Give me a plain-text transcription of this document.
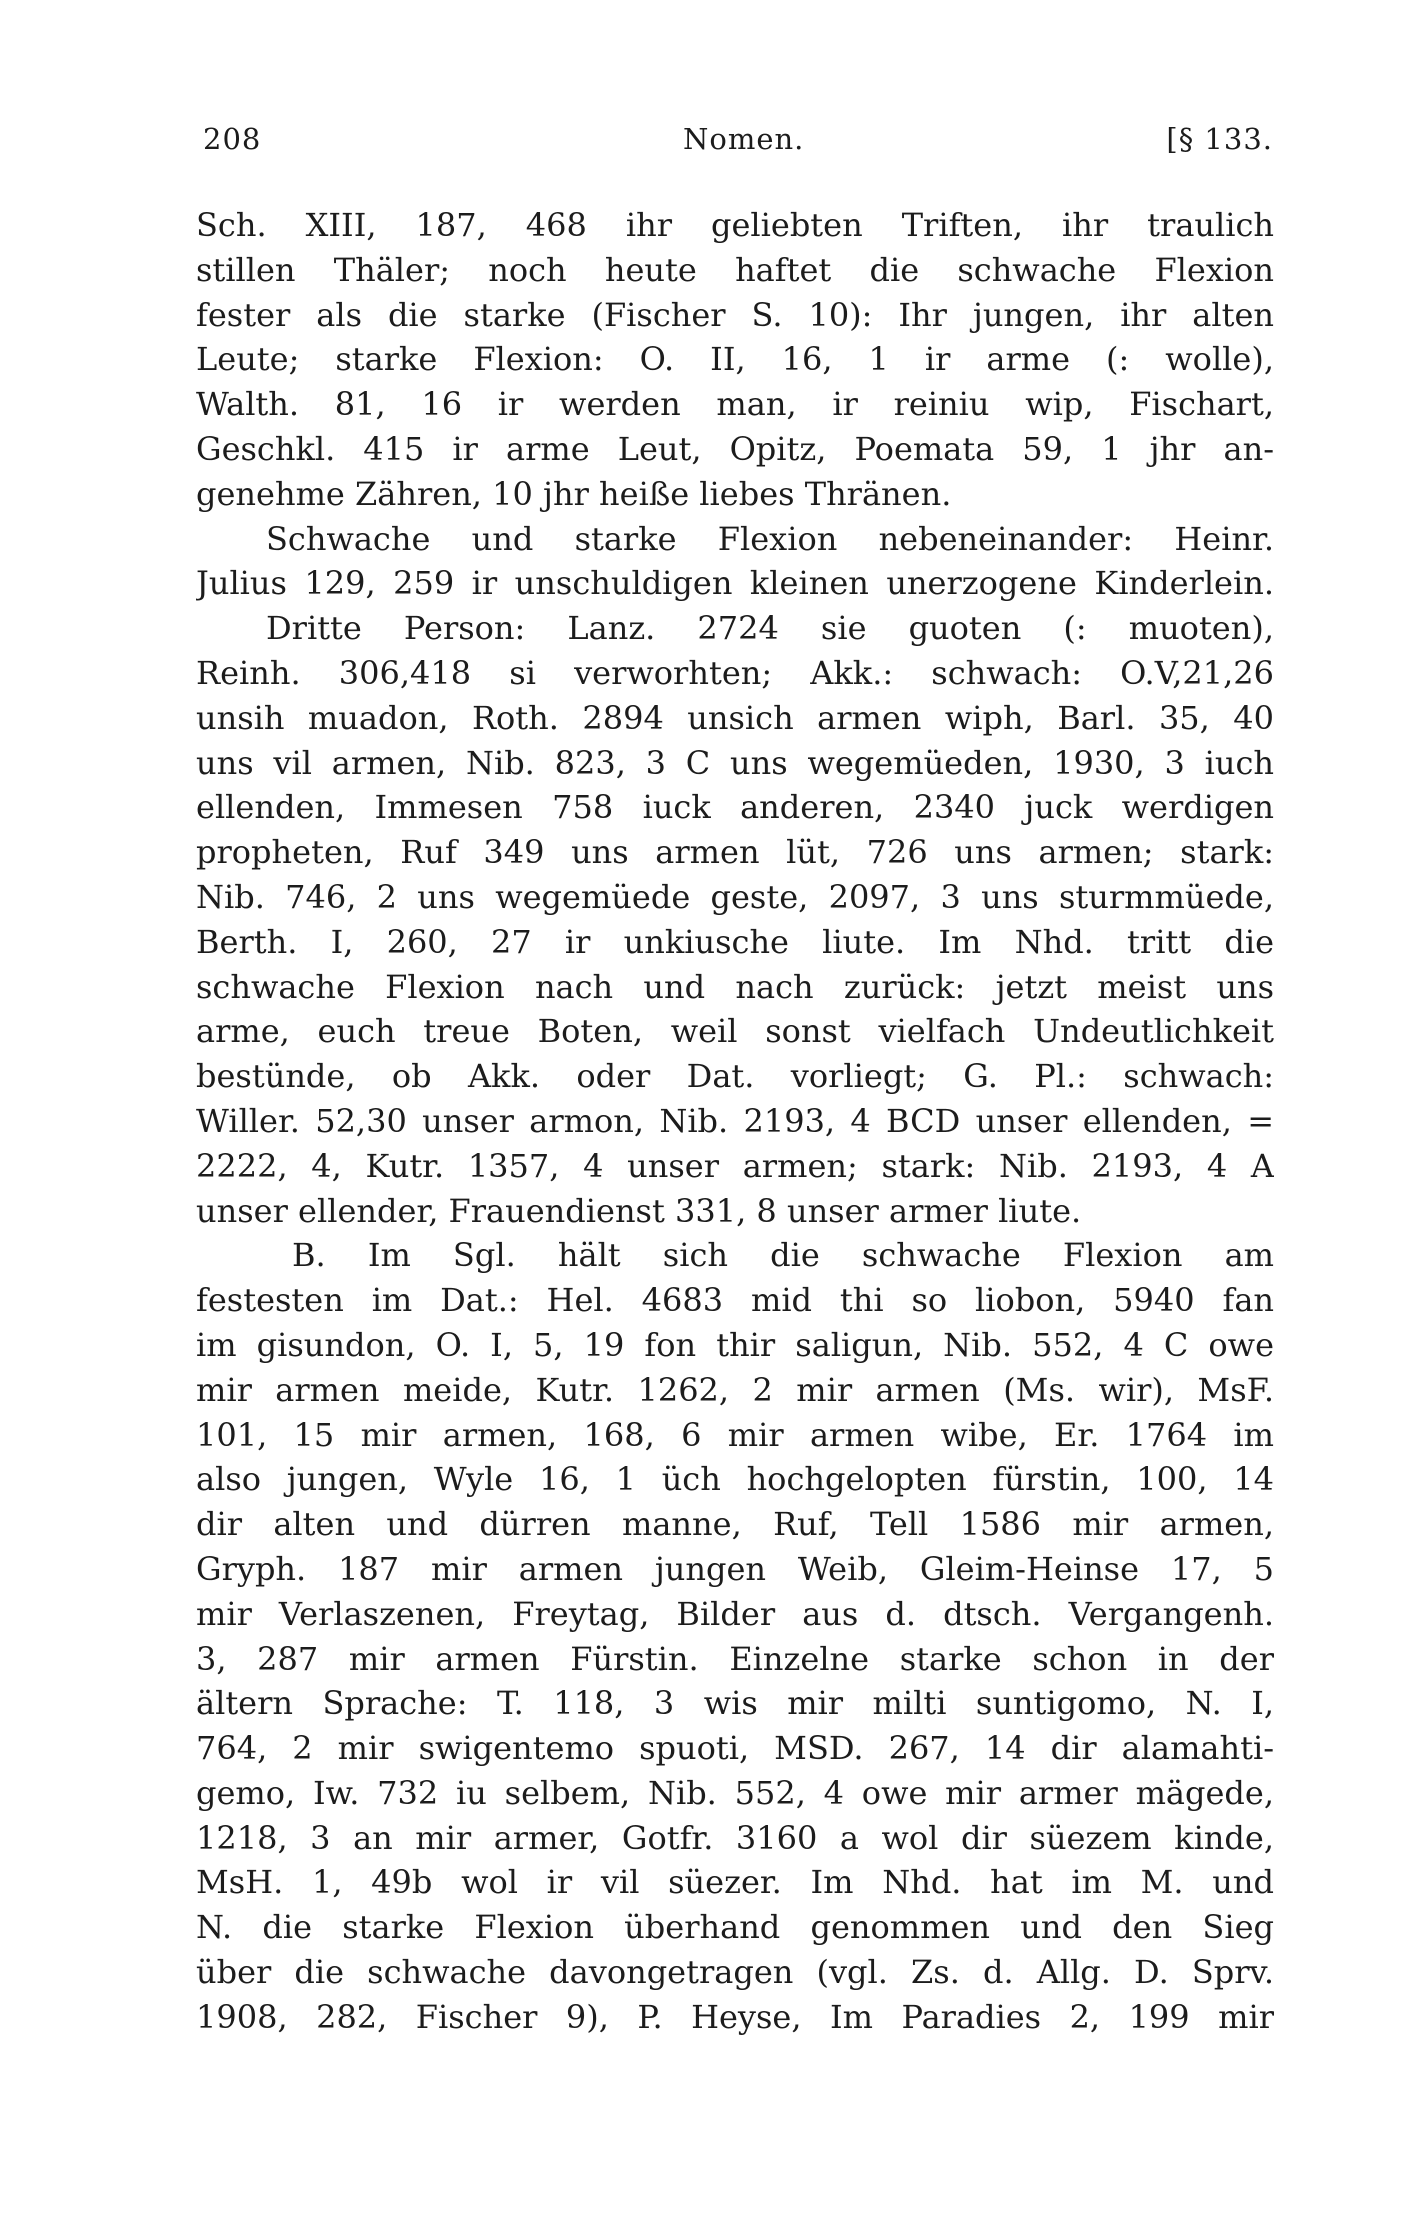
208	Nomen.	[§ 133.
Sch. XIII, 187, 468 ihr geliebten Triften, ihr traulich
stillen Thäler; noch heute haftet die schwache Flexion
fester als die starke (Fischer S. 10): Ihr jungen, ihr alten
Leute; starke Flexion: O. II, 16, 1 ir arme (: wolle),
Walth. 81, 16 ir werden man, ir reiniu wip, Fischart,
Geschkl. 415 ir arme Leut, Opitz, Poemata 59, 1 jhr an-
genehme Zähren, 10 jhr heiße liebes Thränen.
Schwache und starke Flexion nebeneinander: Heinr.
Julius 129, 259 ir unschuldigen kleinen unerzogene Kinderlein.
Dritte Person: Lanz. 2724 sie guoten (: muoten),
Reinh. 306,418 si verworhten; Akk.: schwach: O.V,21,26
unsih muadon, Roth. 2894 unsich armen wiph, Barl. 35, 40
uns vil armen, Nib. 823, 3 C uns wegemüeden, 1930, 3 iuch
ellenden, Immesen 758 iuck anderen, 2340 juck werdigen
propheten, Ruf 349 uns armen lüt, 726 uns armen; stark:
Nib. 746, 2 uns wegemüede geste, 2097, 3 uns sturmmüede,
Berth. I, 260, 27 ir unkiusche liute. Im Nhd. tritt die
schwache Flexion nach und nach zurück: jetzt meist uns
arme, euch treue Boten, weil sonst vielfach Undeutlichkeit
bestünde, ob Akk. oder Dat. vorliegt; G. Pl.: schwach:
Willer. 52,30 unser armon, Nib. 2193, 4 BCD unser ellenden, =
2222, 4, Kutr. 1357, 4 unser armen; stark: Nib. 2193, 4 A
unser ellender, Frauendienst 331, 8 unser armer liute.
B. Im Sgl. hält sich die schwache Flexion am
festesten im Dat.: Hel. 4683 mid thi so liobon, 5940 fan
im gisundon, O. I, 5, 19 fon thir saligun, Nib. 552, 4 C owe
mir armen meide, Kutr. 1262, 2 mir armen (Ms. wir), MsF.
101, 15 mir armen, 168, 6 mir armen wibe, Er. 1764 im
also jungen, Wyle 16, 1 üch hochgelopten fürstin, 100, 14
dir alten und dürren manne, Ruf, Tell 1586 mir armen,
Gryph. 187 mir armen jungen Weib, Gleim-Heinse 17, 5
mir Verlaszenen, Freytag, Bilder aus d. dtsch. Vergangenh.
3, 287 mir armen Fürstin. Einzelne starke schon in der
ältern Sprache: T. 118, 3 wis mir milti suntigomo, N. I,
764, 2 mir swigentemo spuoti, MSD. 267, 14 dir alamahti-
gemo, Iw. 732 iu selbem, Nib. 552, 4 owe mir armer mägede,
1218, 3 an mir armer, Gotfr. 3160 a wol dir süezem kinde,
MsH. 1, 49b wol ir vil süezer. Im Nhd. hat im M. und
N. die starke Flexion überhand genommen und den Sieg
über die schwache davongetragen (vgl. Zs. d. Allg. D. Sprv.
1908, 282, Fischer 9), P. Heyse, Im Paradies 2, 199 mir
